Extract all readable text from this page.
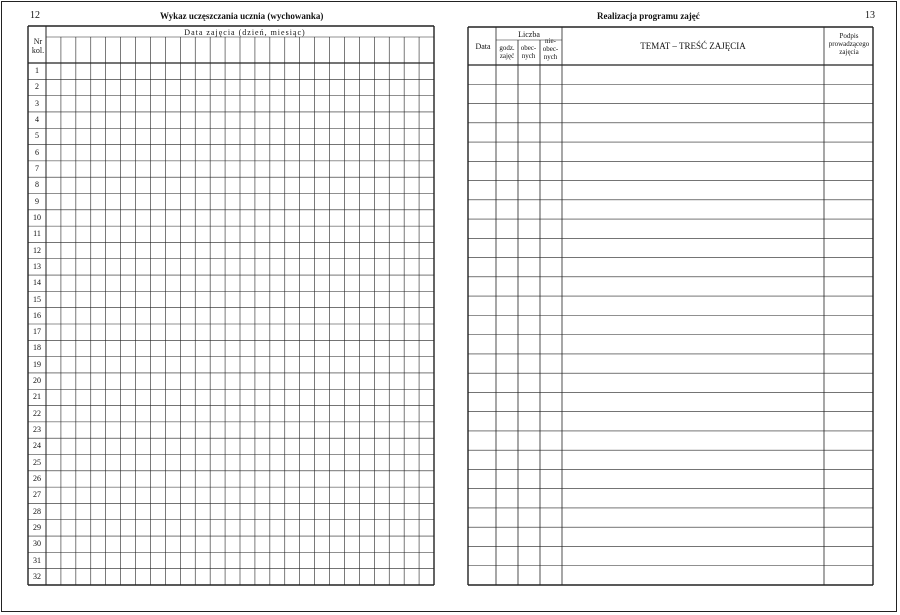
12	Wykaz uczęszczania ucznia (wychowanka)
Nr kol.
Data zajęcia (dzień, miesiąc)
1
2
3
4
5
6
7
8
9
10
11
12
13
14
15
16
17
18
19
20
21
22
23
24
25
26
27
28
29
30
31
32
Realizacja programu zajęć	13
Data
Liczba
godz. zajęć
obec-nych
nie-obec-nych
TEMAT – TREŚĆ ZAJĘCIA
Podpis prowadzącego zajęcia
